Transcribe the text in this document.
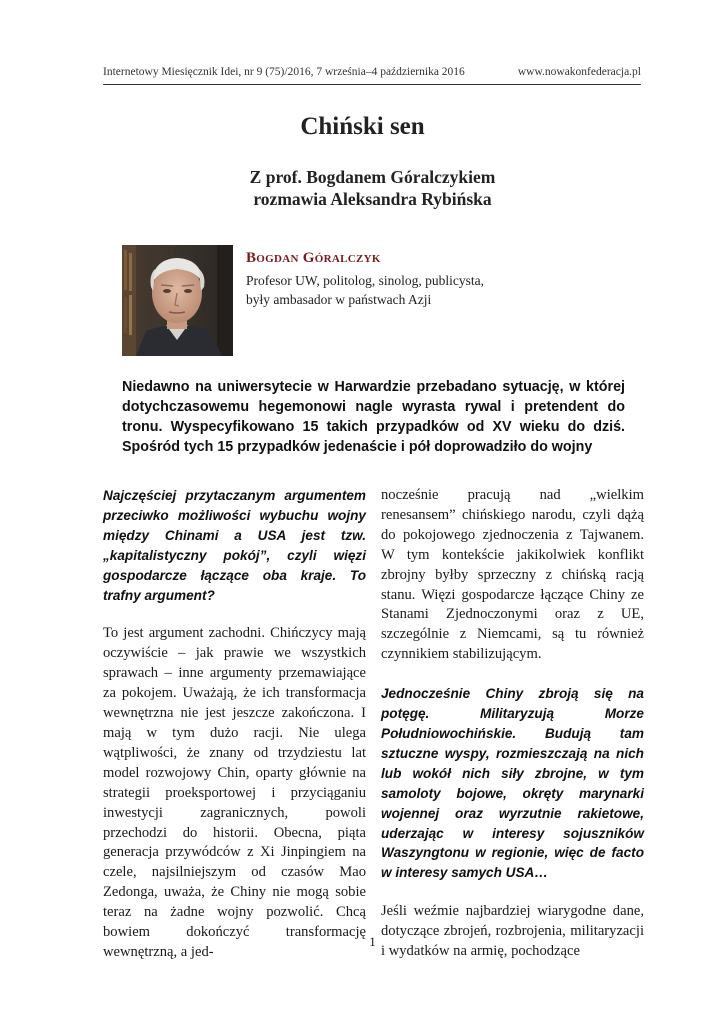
Internetowy Miesięcznik Idei, nr 9 (75)/2016, 7 września–4 października 2016	www.nowakonfederacja.pl
Chiński sen
Z prof. Bogdanem Góralczykiem
rozmawia Aleksandra Rybińska
Bogdan Góralczyk
Profesor UW, politolog, sinolog, publicysta,
były ambasador w państwach Azji
Niedawno na uniwersytecie w Harwardzie przebadano sytuację, w której dotychczasowemu hegemonowi nagle wyrasta rywal i pretendent do tronu. Wyspecyfikowano 15 takich przypadków od XV wieku do dziś. Spośród tych 15 przypadków jedenaście i pół doprowadziło do wojny

Najczęściej przytaczanym argumentem przeciwko możliwości wybuchu wojny między Chinami a USA jest tzw. „kapitalistyczny pokój”, czyli więzi gospodarcze łączące oba kraje. To trafny argument?

To jest argument zachodni. Chińczycy mają oczywiście – jak prawie we wszystkich sprawach – inne argumenty przemawiające za pokojem. Uważają, że ich transformacja wewnętrzna nie jest jeszcze zakończona. I mają w tym dużo racji. Nie ulega wątpliwości, że znany od trzydziestu lat model rozwojowy Chin, oparty głównie na strategii proeksportowej i przyciąganiu inwestycji zagranicznych, powoli przechodzi do historii. Obecna, piąta generacja przywódców z Xi Jinpingiem na czele, najsilniejszym od czasów Mao Zedonga, uważa, że Chiny nie mogą sobie teraz na żadne wojny pozwolić. Chcą bowiem dokończyć transformację wewnętrzną, a jed-

nocześnie pracują nad „wielkim renesansem” chińskiego narodu, czyli dążą do pokojowego zjednoczenia z Tajwanem. W tym kontekście jakikolwiek konflikt zbrojny byłby sprzeczny z chińską racją stanu. Więzi gospodarcze łączące Chiny ze Stanami Zjednoczonymi oraz z UE, szczególnie z Niemcami, są tu również czynnikiem stabilizującym.

Jednocześnie Chiny zbroją się na potęgę. Militaryzują Morze Południowochińskie. Budują tam sztuczne wyspy, rozmieszczają na nich lub wokół nich siły zbrojne, w tym samoloty bojowe, okręty marynarki wojennej oraz wyrzutnie rakietowe, uderzając w interesy sojuszników Waszyngtonu w regionie, więc de facto w interesy samych USA…

Jeśli weźmie najbardziej wiarygodne dane, dotyczące zbrojeń, rozbrojenia, militaryzacji i wydatków na armię, pochodzące

1
